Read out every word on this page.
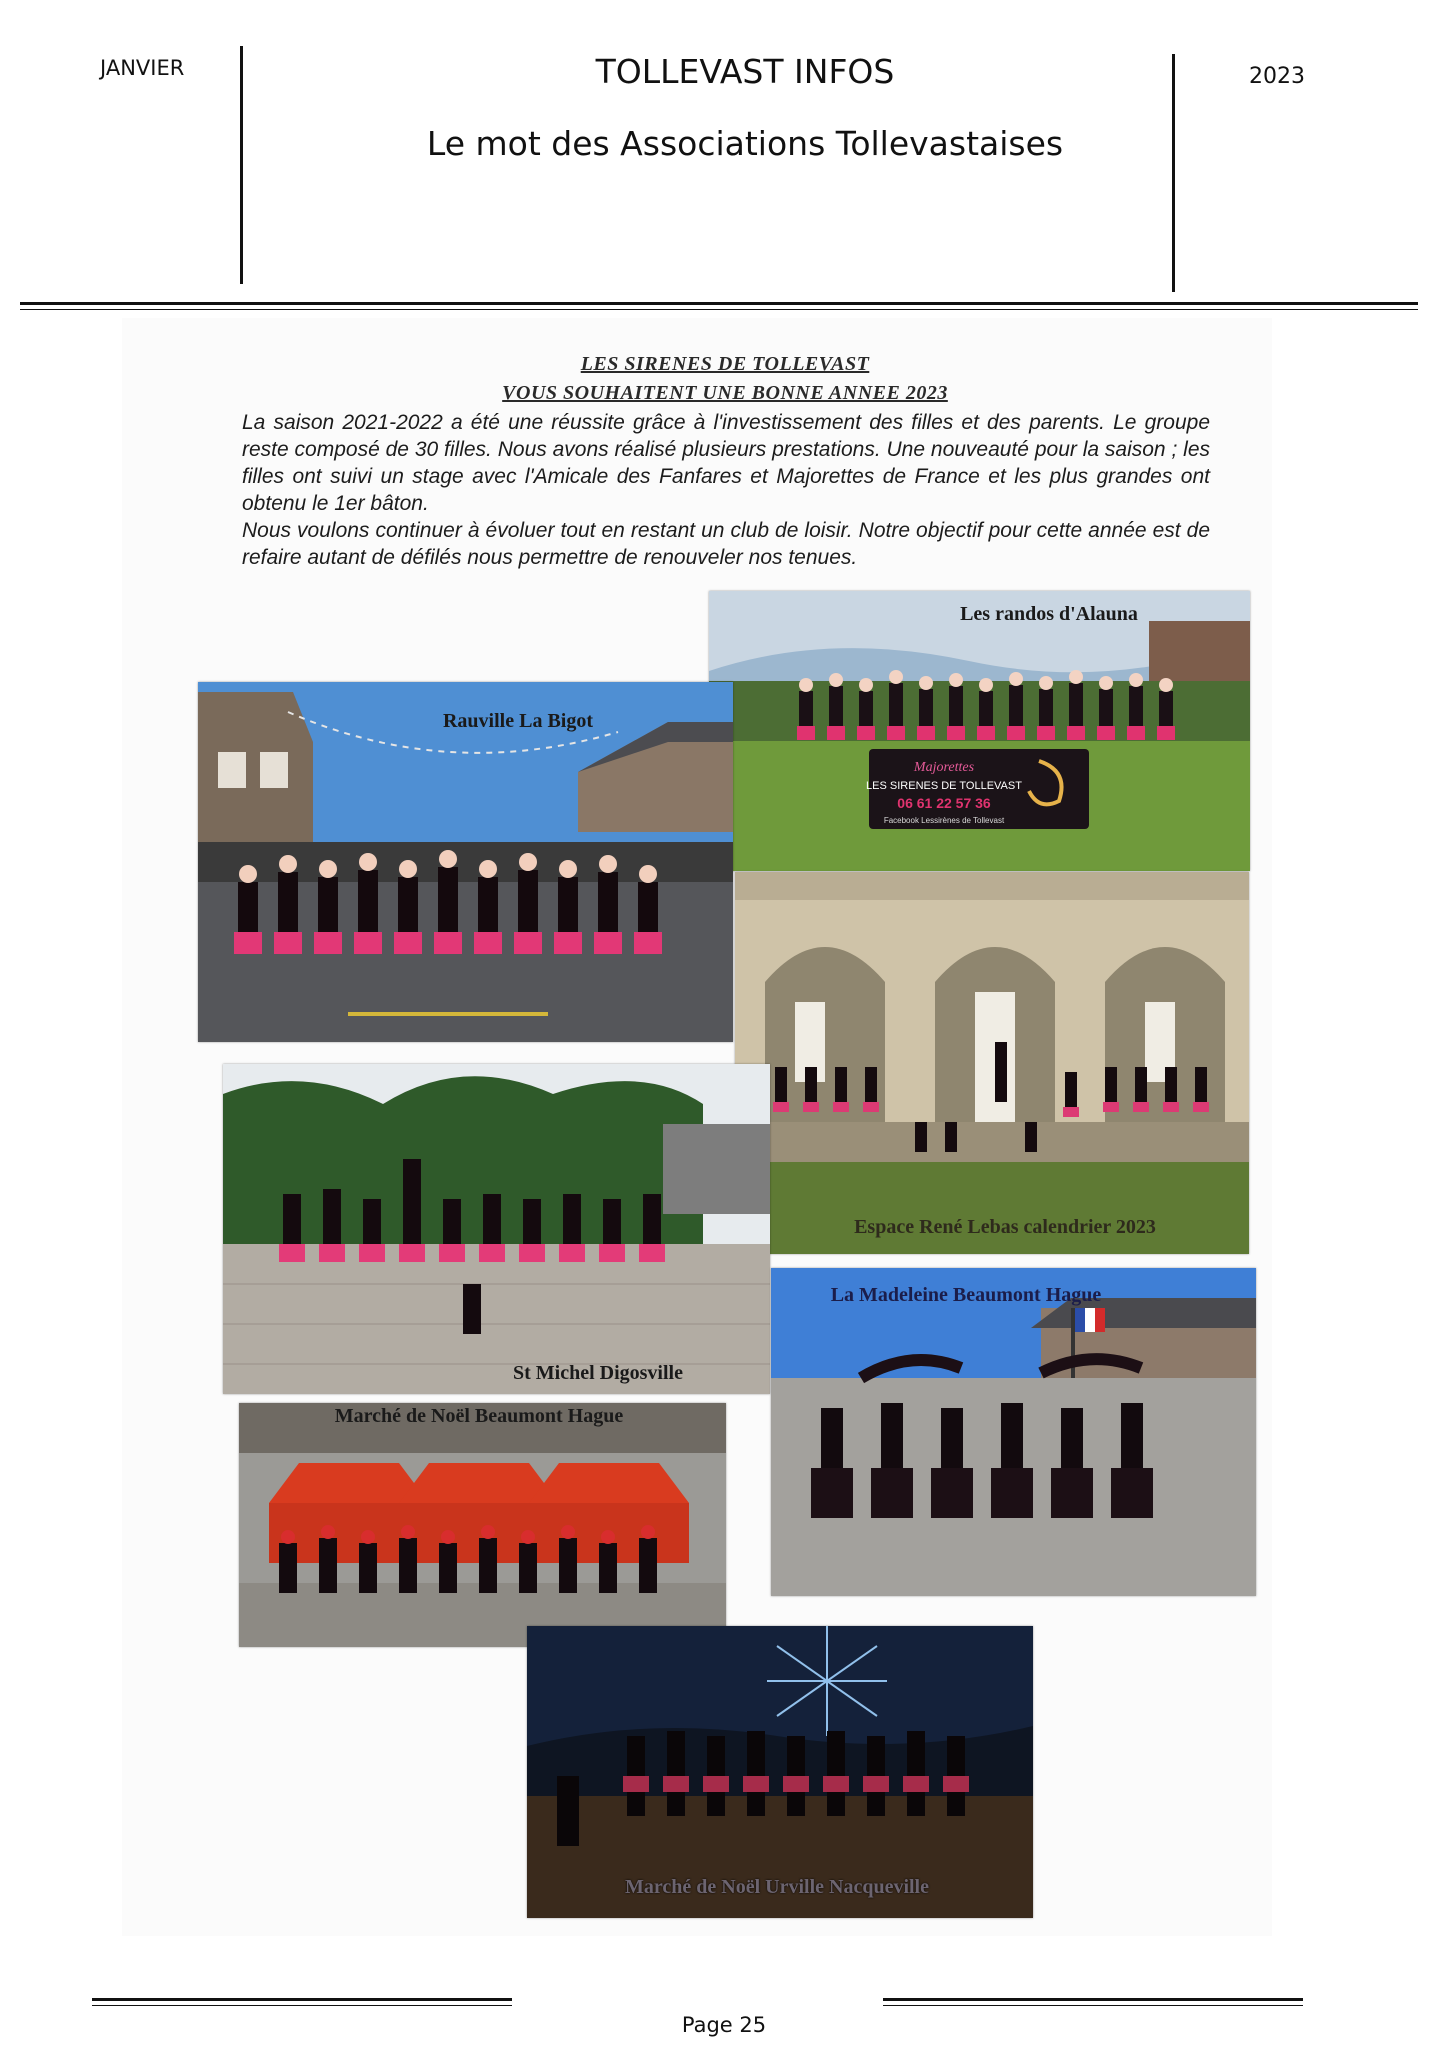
JANVIER	TOLLEVAST INFOS
Le mot des Associations Tollevastaises
2023
LES SIRENES DE TOLLEVAST
VOUS SOUHAITENT UNE BONNE ANNEE 2023

La saison 2021-2022 a été une réussite grâce à l'investissement des filles et des parents. Le groupe reste composé de 30 filles. Nous avons réalisé plusieurs prestations. Une nouveauté pour la saison ; les filles ont suivi un stage avec l'Amicale des Fanfares et Majorettes de France et les plus grandes ont obtenu le 1er bâton.

Nous voulons continuer à évoluer tout en restant un club de loisir. Notre objectif pour cette année est de refaire autant de défilés nous permettre de renouveler nos tenues.

Majorettes
LES SIRENES DE TOLLEVAST
06 61 22 57 36
Facebook Lessirènes de Tollevast
Les randos d'Alauna
Rauville La Bigot
Espace René Lebas calendrier 2023
St Michel Digosville
La Madeleine Beaumont Hague
Marché de Noël Beaumont Hague
Marché de Noël Urville Nacqueville
Page 25
